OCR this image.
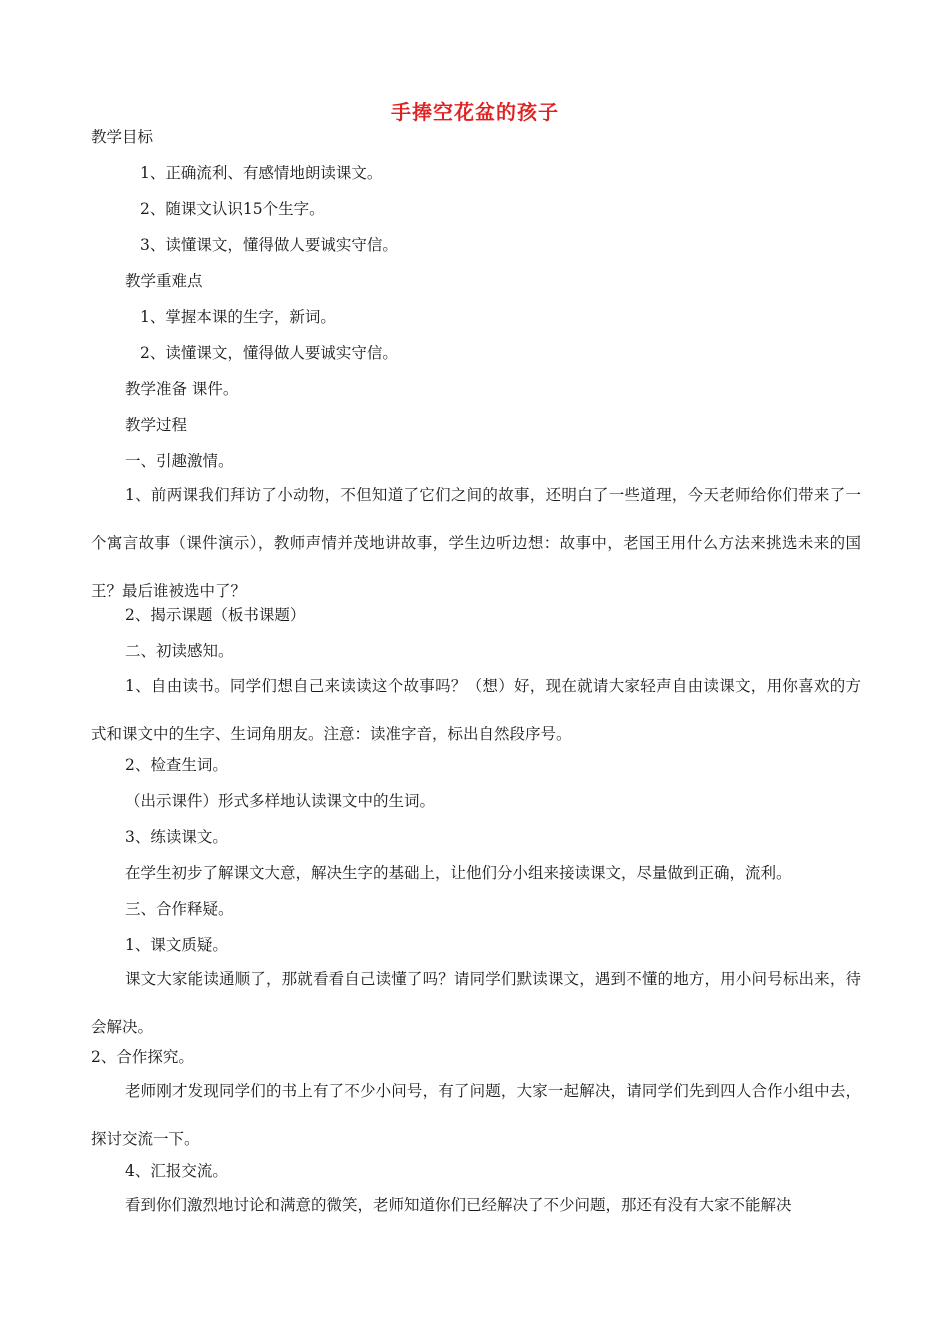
手捧空花盆的孩子
教学目标
1、正确流利、有感情地朗读课文。
2、随课文认识15个生字。
3、读懂课文，懂得做人要诚实守信。
教学重难点
1、掌握本课的生字，新词。
2、读懂课文，懂得做人要诚实守信。
教学准备 课件。
教学过程
一、引趣激情。
1、前两课我们拜访了小动物，不但知道了它们之间的故事，还明白了一些道理，今天老师给你们带来了一个寓言故事（课件演示），教师声情并茂地讲故事，学生边听边想：故事中，老国王用什么方法来挑选未来的国王？最后谁被选中了？
2、揭示课题（板书课题）
二、初读感知。
1、自由读书。同学们想自己来读读这个故事吗？（想）好，现在就请大家轻声自由读课文，用你喜欢的方式和课文中的生字、生词角朋友。注意：读准字音，标出自然段序号。
2、检查生词。
（出示课件）形式多样地认读课文中的生词。
3、练读课文。
在学生初步了解课文大意，解决生字的基础上，让他们分小组来接读课文，尽量做到正确，流利。
三、合作释疑。
1、课文质疑。
课文大家能读通顺了，那就看看自己读懂了吗？请同学们默读课文，遇到不懂的地方，用小问号标出来，待会解决。
2、合作探究。
老师刚才发现同学们的书上有了不少小问号，有了问题，大家一起解决，请同学们先到四人合作小组中去，探讨交流一下。
4、汇报交流。
看到你们激烈地讨论和满意的微笑，老师知道你们已经解决了不少问题，那还有没有大家不能解决
